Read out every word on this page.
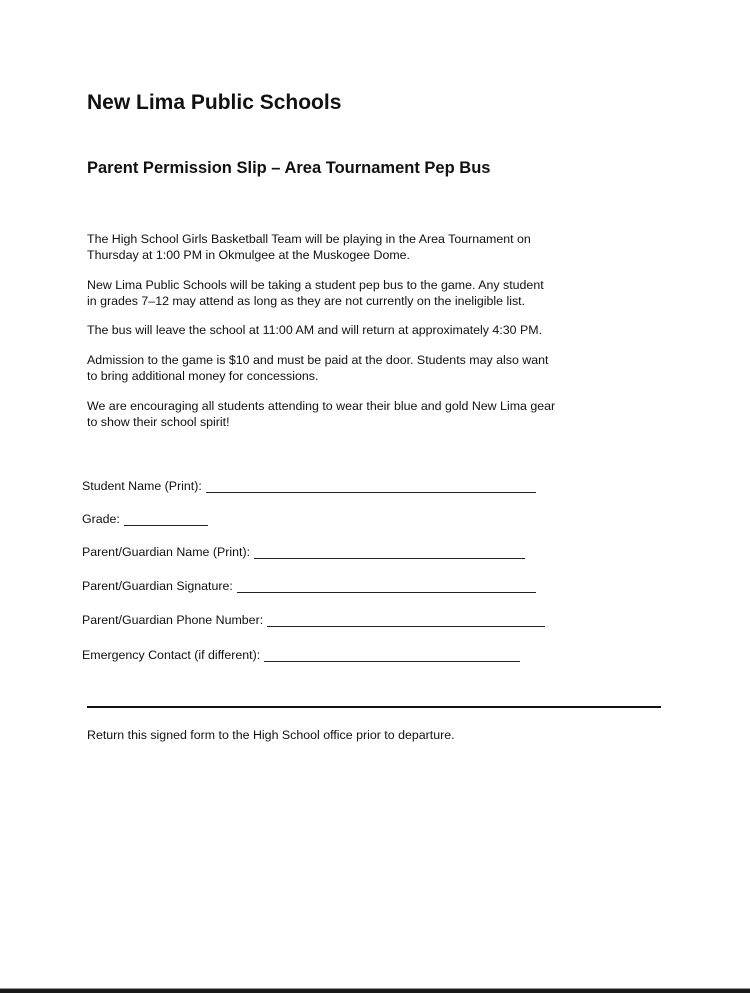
New Lima Public Schools
Parent Permission Slip – Area Tournament Pep Bus
The High School Girls Basketball Team will be playing in the Area Tournament on
Thursday at 1:00 PM in Okmulgee at the Muskogee Dome.
New Lima Public Schools will be taking a student pep bus to the game. Any student
in grades 7–12 may attend as long as they are not currently on the ineligible list.
The bus will leave the school at 11:00 AM and will return at approximately 4:30 PM.
Admission to the game is $10 and must be paid at the door. Students may also want
to bring additional money for concessions.
We are encouraging all students attending to wear their blue and gold New Lima gear
to show their school spirit!
Student Name (Print):
Grade:
Parent/Guardian Name (Print):
Parent/Guardian Signature:
Parent/Guardian Phone Number:
Emergency Contact (if different):
Return this signed form to the High School office prior to departure.
